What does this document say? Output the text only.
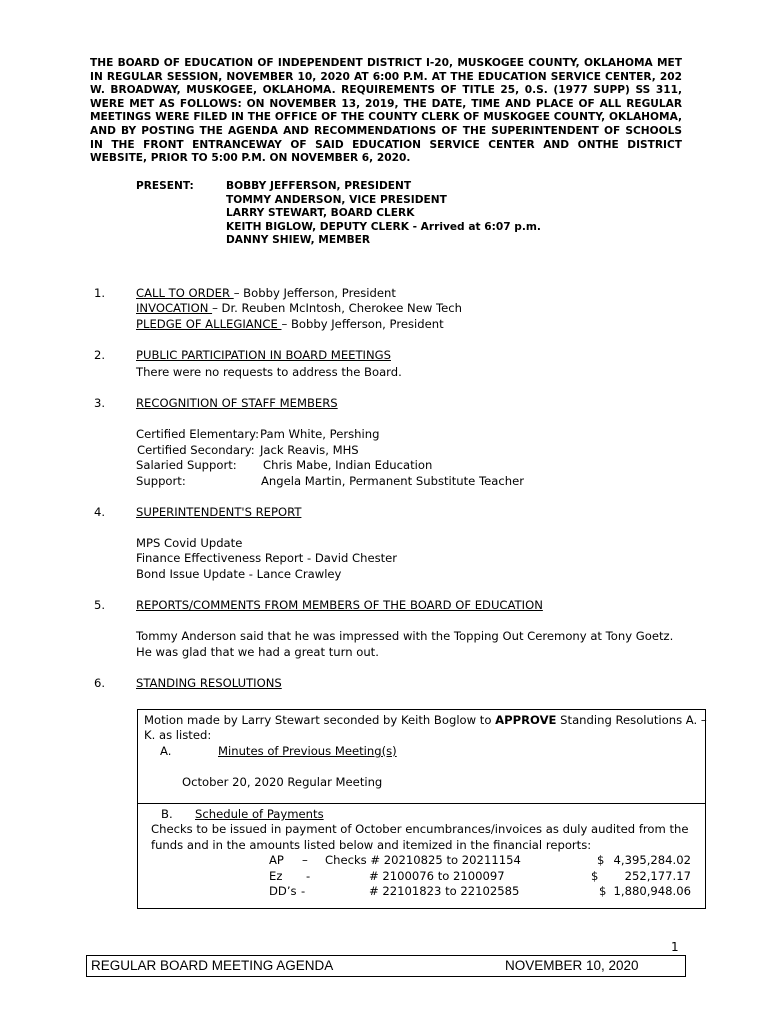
THE BOARD OF EDUCATION OF INDEPENDENT DISTRICT I-20, MUSKOGEE COUNTY, OKLAHOMA MET IN REGULAR SESSION, NOVEMBER 10, 2020 AT 6:00 P.M. AT THE EDUCATION SERVICE CENTER, 202 W. BROADWAY, MUSKOGEE, OKLAHOMA. REQUIREMENTS OF TITLE 25, 0.S. (1977 SUPP) SS 311, WERE MET AS FOLLOWS: ON NOVEMBER 13, 2019, THE DATE, TIME AND PLACE OF ALL REGULAR MEETINGS WERE FILED IN THE OFFICE OF THE COUNTY CLERK OF MUSKOGEE COUNTY, OKLAHOMA, AND BY POSTING THE AGENDA AND RECOMMENDATIONS OF THE SUPERINTENDENT OF SCHOOLS IN THE FRONT ENTRANCEWAY OF SAID EDUCATION SERVICE CENTER AND ONTHE DISTRICT WEBSITE, PRIOR TO 5:00 P.M. ON NOVEMBER 6, 2020.
PRESENT:	BOBBY JEFFERSON, PRESIDENT
TOMMY ANDERSON, VICE PRESIDENT
LARRY STEWART, BOARD CLERK
KEITH BIGLOW, DEPUTY CLERK - Arrived at 6:07 p.m.
DANNY SHIEW, MEMBER
1.	CALL TO ORDER – Bobby Jefferson, President
INVOCATION – Dr. Reuben McIntosh, Cherokee New Tech
PLEDGE OF ALLEGIANCE – Bobby Jefferson, President
2.	PUBLIC PARTICIPATION IN BOARD MEETINGS
There were no requests to address the Board.
3.	RECOGNITION OF STAFF MEMBERS
Certified Elementary: Pam White, Pershing
Certified Secondary: Jack Reavis, MHS
Salaried Support: Chris Mabe, Indian Education
Support:	Angela Martin, Permanent Substitute Teacher
4.	SUPERINTENDENT'S REPORT
MPS Covid Update
Finance Effectiveness Report - David Chester
Bond Issue Update - Lance Crawley
5.	REPORTS/COMMENTS FROM MEMBERS OF THE BOARD OF EDUCATION
Tommy Anderson said that he was impressed with the Topping Out Ceremony at Tony Goetz.
He was glad that we had a great turn out.
6.	STANDING RESOLUTIONS
Motion made by Larry Stewart seconded by Keith Boglow to APPROVE Standing Resolutions A. –
K. as listed:
A.	Minutes of Previous Meeting(s)
October 20, 2020 Regular Meeting
B. Schedule of Payments
Checks to be issued in payment of October encumbrances/invoices as duly audited from the
funds and in the amounts listed below and itemized in the financial reports:
AP – Checks # 20210825 to 20211154	$ 4,395,284.02
Ez -	# 2100076 to 2100097	$	252,177.17
DD’s -	# 22101823 to 22102585	$ 1,880,948.06
1
REGULAR BOARD MEETING AGENDA	NOVEMBER 10, 2020
